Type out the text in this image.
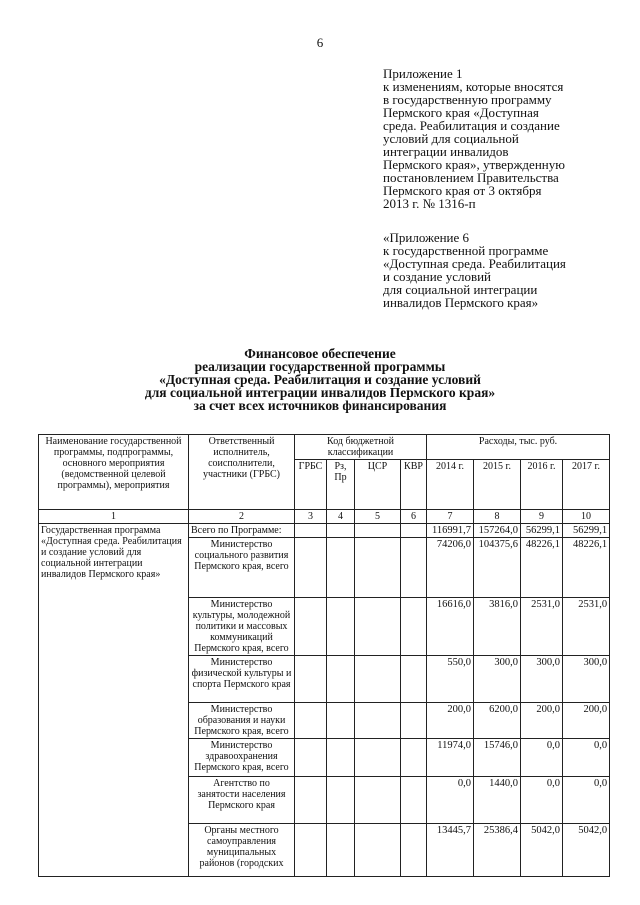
6
Приложение 1
к изменениям, которые вносятся
в государственную программу
Пермского края «Доступная
среда. Реабилитация и создание
условий для социальной
интеграции инвалидов
Пермского края», утвержденную
постановлением Правительства
Пермского края от 3 октября
2013 г. № 1316-п
«Приложение 6
к государственной программе
«Доступная среда. Реабилитация
и создание условий
для социальной интеграции
инвалидов Пермского края»
Финансовое обеспечение
реализации государственной программы
«Доступная среда. Реабилитация и создание условий
для социальной интеграции инвалидов Пермского края»
за счет всех источников финансирования
Наименование государственной программы, подпрограммы, основного мероприятия (ведомственной целевой программы), мероприятия	Ответственный исполнитель, соисполнители, участники (ГРБС)	Код бюджетной классификации				Расходы, тыс. руб.			
		ГРБС	Рз, Пр	ЦСР	КВР	2014 г.	2015 г.	2016 г.	2017 г.
1	2	3	4	5	6	7	8	9	10
Государственная программа «Доступная среда. Реабилитация и создание условий для социальной интеграции инвалидов Пермского края»	Всего по Программе:					116991,7	157264,0	56299,1	56299,1
	Министерство социального развития Пермского края, всего					74206,0	104375,6	48226,1	48226,1
	Министерство культуры, молодежной политики и массовых коммуникаций Пермского края, всего					16616,0	3816,0	2531,0	2531,0
	Министерство физической культуры и спорта Пермского края					550,0	300,0	300,0	300,0
	Министерство образования и науки Пермского края, всего					200,0	6200,0	200,0	200,0
	Министерство здравоохранения Пермского края, всего					11974,0	15746,0	0,0	0,0
	Агентство по занятости населения Пермского края					0,0	1440,0	0,0	0,0
	Органы местного самоуправления муниципальных районов (городских					13445,7	25386,4	5042,0	5042,0
